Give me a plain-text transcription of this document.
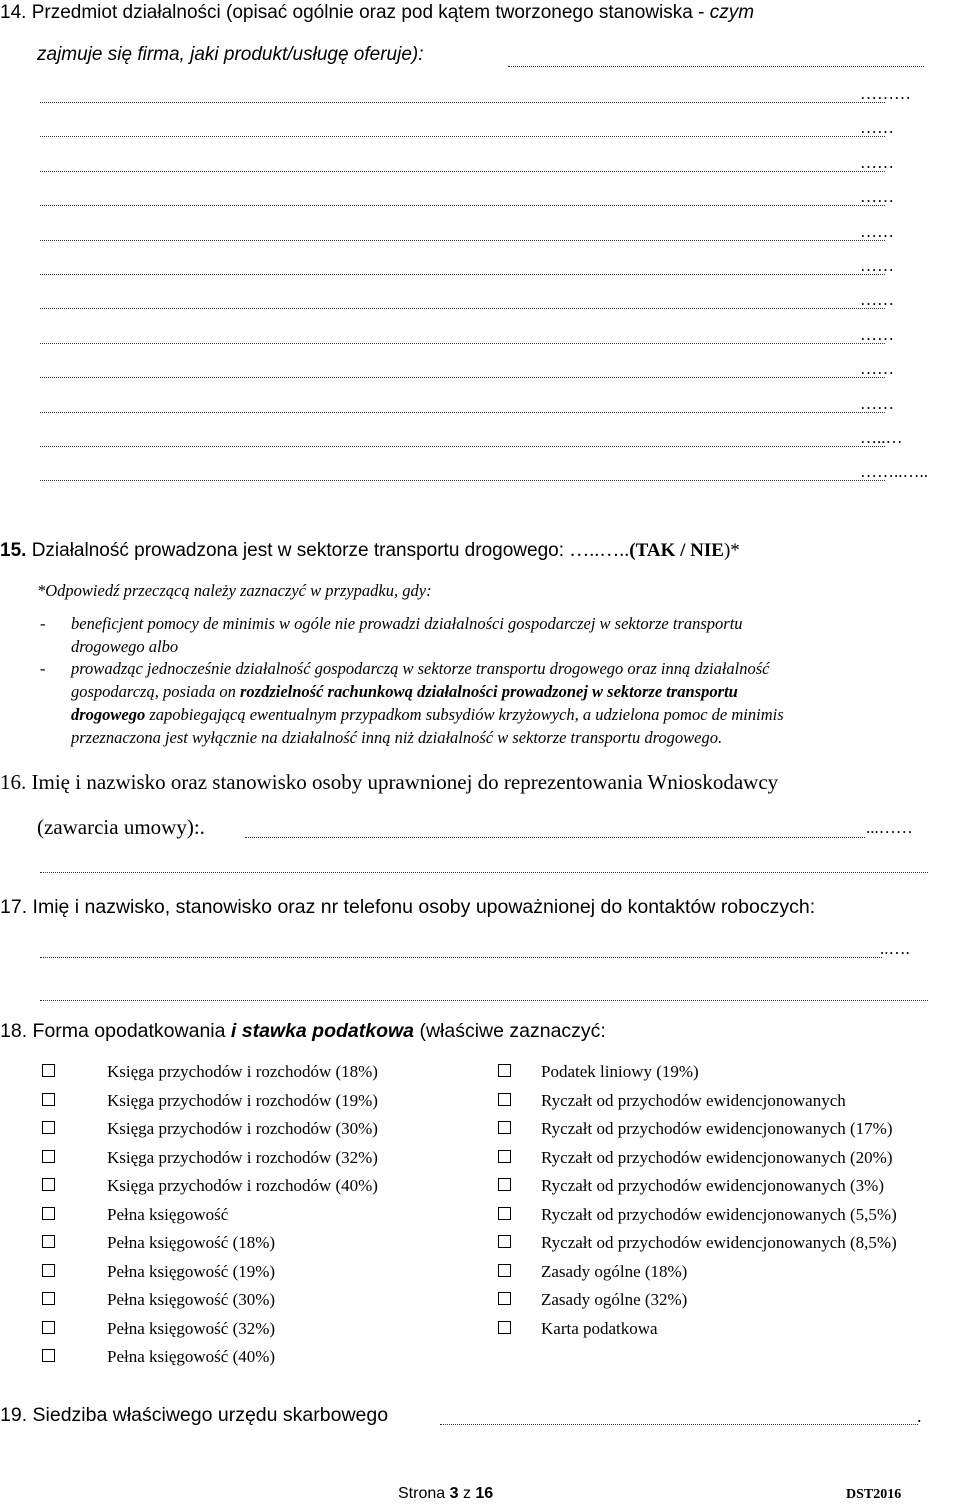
14. Przedmiot działalności (opisać ogólnie oraz pod kątem tworzonego stanowiska - czym
zajmuje się firma, jaki produkt/usługę oferuje):
………
……
……
……
……
……
……
……
……
……
…..…
……..…..
15. Działalność prowadzona jest w sektorze transportu drogowego: …..…..(TAK / NIE)*
*Odpowiedź przeczącą należy zaznaczyć w przypadku, gdy:
- beneficjent pomocy de minimis w ogóle nie prowadzi działalności gospodarczej w sektorze transportu
drogowego albo
- prowadząc jednocześnie działalność gospodarczą w sektorze transportu drogowego oraz inną działalność
gospodarczą, posiada on rozdzielność rachunkową działalności prowadzonej w sektorze transportu
drogowego zapobiegającą ewentualnym przypadkom subsydiów krzyżowych, a udzielona pomoc de minimis
przeznaczona jest wyłącznie na działalność inną niż działalność w sektorze transportu drogowego.
16. Imię i nazwisko oraz stanowisko osoby uprawnionej do reprezentowania Wnioskodawcy
(zawarcia umowy):.	...……
17. Imię i nazwisko, stanowisko oraz nr telefonu osoby upoważnionej do kontaktów roboczych:
..….
18. Forma opodatkowania i stawka podatkowa (właściwe zaznaczyć:
Księga przychodów i rozchodów (18%)
Księga przychodów i rozchodów (19%)
Księga przychodów i rozchodów (30%)
Księga przychodów i rozchodów (32%)
Księga przychodów i rozchodów (40%)
Pełna księgowość
Pełna księgowość (18%)
Pełna księgowość (19%)
Pełna księgowość (30%)
Pełna księgowość (32%)
Pełna księgowość (40%)
Podatek liniowy (19%)
Ryczałt od przychodów ewidencjonowanych
Ryczałt od przychodów ewidencjonowanych (17%)
Ryczałt od przychodów ewidencjonowanych (20%)
Ryczałt od przychodów ewidencjonowanych (3%)
Ryczałt od przychodów ewidencjonowanych (5,5%)
Ryczałt od przychodów ewidencjonowanych (8,5%)
Zasady ogólne (18%)
Zasady ogólne (32%)
Karta podatkowa
19. Siedziba właściwego urzędu skarbowego	.
Strona 3 z 16	DST2016
